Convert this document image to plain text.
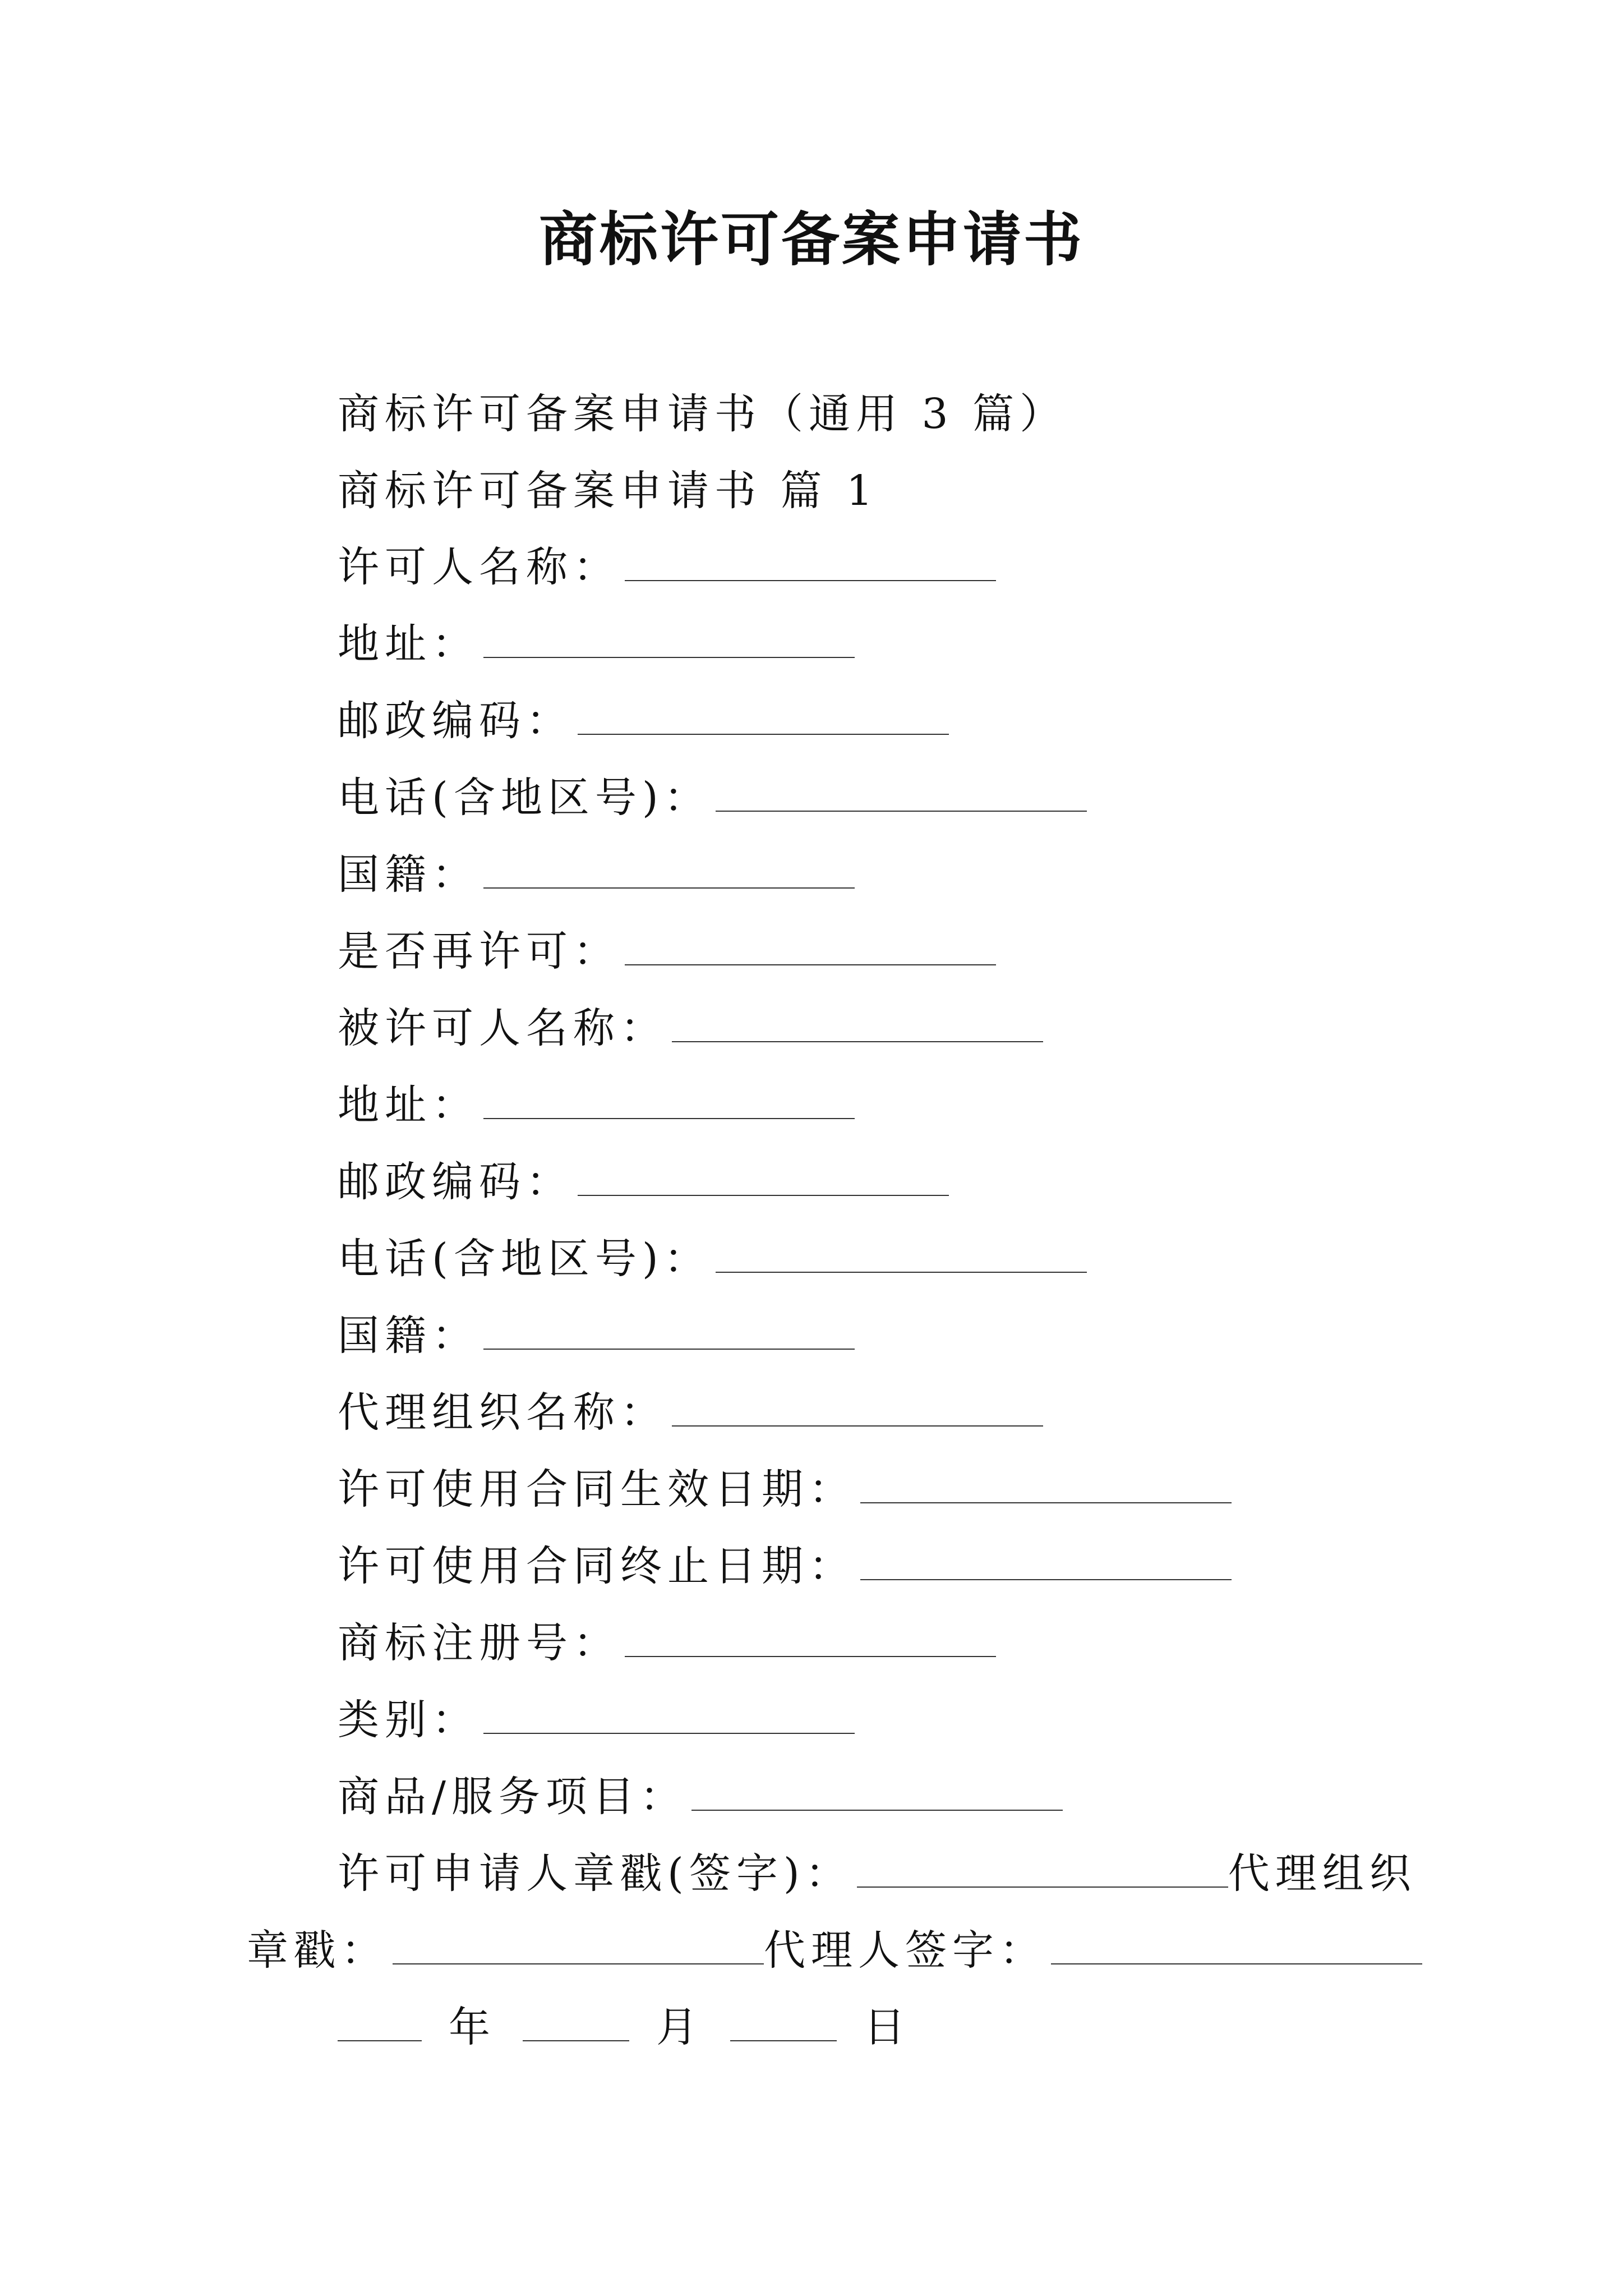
商标许可备案申请书
商标许可备案申请书（通用 3 篇）
商标许可备案申请书 篇 1
许可人名称：
地址：
邮政编码：
电话(含地区号)：
国籍：
是否再许可：
被许可人名称：
地址：
邮政编码：
电话(含地区号)：
国籍：
代理组织名称：
许可使用合同生效日期：
许可使用合同终止日期：
商标注册号：
类别：
商品/服务项目：
许可申请人章戳(签字)：	代理组织
章戳：	代理人签字：
年	月	日
